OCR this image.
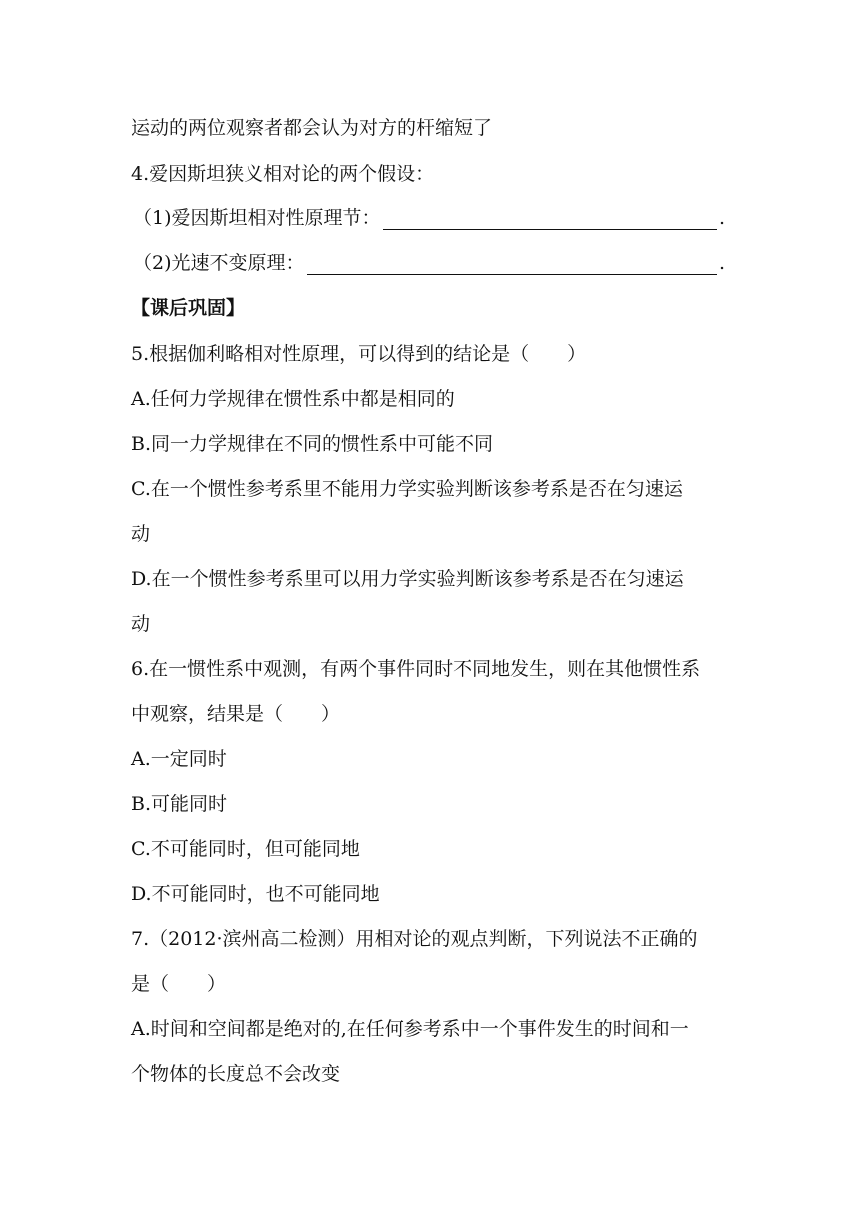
运动的两位观察者都会认为对方的杆缩短了
4.爱因斯坦狭义相对论的两个假设：
（1)爱因斯坦相对性原理节：	.
（2)光速不变原理：	.
【课后巩固】
5.根据伽利略相对性原理，可以得到的结论是（　　）
A.任何力学规律在惯性系中都是相同的
B.同一力学规律在不同的惯性系中可能不同
C.在一个惯性参考系里不能用力学实验判断该参考系是否在匀速运
动
D.在一个惯性参考系里可以用力学实验判断该参考系是否在匀速运
动
6.在一惯性系中观测，有两个事件同时不同地发生，则在其他惯性系
中观察，结果是（　　）
A.一定同时
B.可能同时
C.不可能同时，但可能同地
D.不可能同时，也不可能同地
7.（2012·滨州高二检测）用相对论的观点判断，下列说法不正确的
是（　　）
A.时间和空间都是绝对的,在任何参考系中一个事件发生的时间和一
个物体的长度总不会改变
